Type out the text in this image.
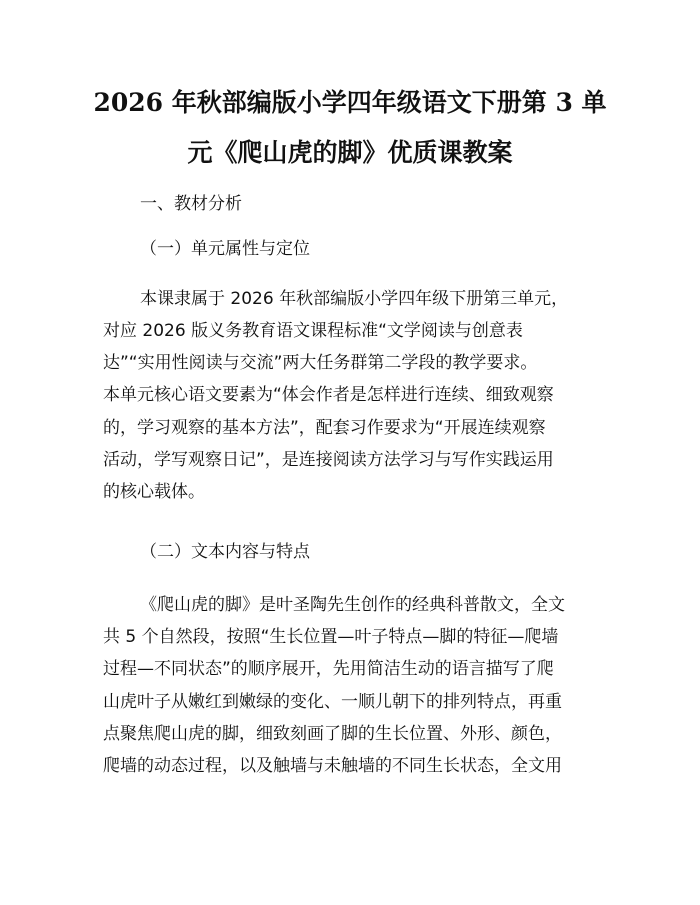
2026 年秋部编版小学四年级语文下册第 3 单
元《爬山虎的脚》优质课教案

一、教材分析

（一）单元属性与定位

本课隶属于 2026 年秋部编版小学四年级下册第三单元，

对应 2026 版义务教育语文课程标准“文学阅读与创意表

达”“实用性阅读与交流”两大任务群第二学段的教学要求。

本单元核心语文要素为“体会作者是怎样进行连续、细致观察

的，学习观察的基本方法”，配套习作要求为“开展连续观察

活动，学写观察日记”，是连接阅读方法学习与写作实践运用

的核心载体。

（二）文本内容与特点

《爬山虎的脚》是叶圣陶先生创作的经典科普散文，全文

共 5 个自然段，按照“生长位置—叶子特点—脚的特征—爬墙

过程—不同状态”的顺序展开，先用简洁生动的语言描写了爬

山虎叶子从嫩红到嫩绿的变化、一顺儿朝下的排列特点，再重

点聚焦爬山虎的脚，细致刻画了脚的生长位置、外形、颜色，

爬墙的动态过程，以及触墙与未触墙的不同生长状态，全文用
